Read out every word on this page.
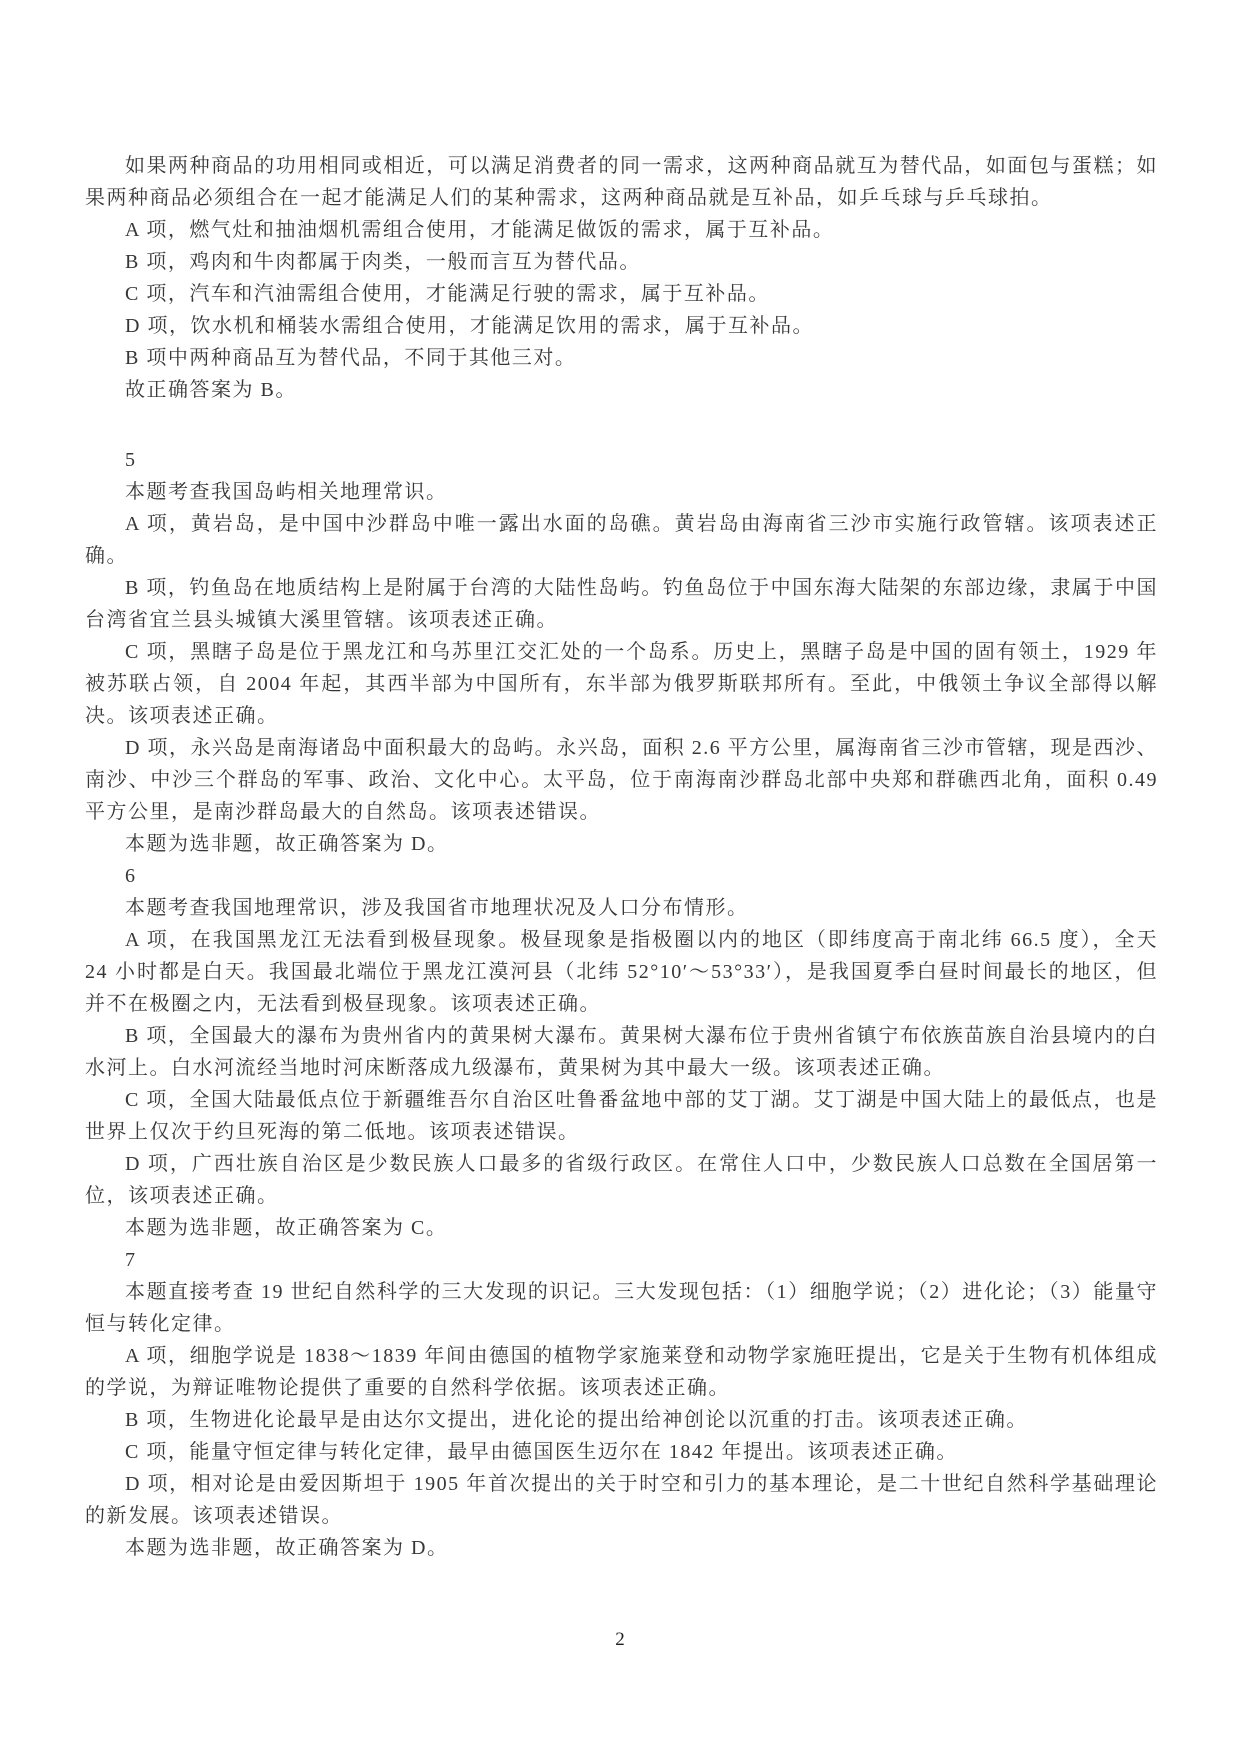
如果两种商品的功用相同或相近，可以满足消费者的同一需求，这两种商品就互为替代品，如面包与蛋糕；如果两种商品必须组合在一起才能满足人们的某种需求，这两种商品就是互补品，如乒乓球与乒乓球拍。

A 项，燃气灶和抽油烟机需组合使用，才能满足做饭的需求，属于互补品。

B 项，鸡肉和牛肉都属于肉类，一般而言互为替代品。

C 项，汽车和汽油需组合使用，才能满足行驶的需求，属于互补品。

D 项，饮水机和桶装水需组合使用，才能满足饮用的需求，属于互补品。

B 项中两种商品互为替代品，不同于其他三对。

故正确答案为 B。

5

本题考查我国岛屿相关地理常识。

A 项，黄岩岛，是中国中沙群岛中唯一露出水面的岛礁。黄岩岛由海南省三沙市实施行政管辖。该项表述正确。

B 项，钓鱼岛在地质结构上是附属于台湾的大陆性岛屿。钓鱼岛位于中国东海大陆架的东部边缘，隶属于中国台湾省宜兰县头城镇大溪里管辖。该项表述正确。

C 项，黑瞎子岛是位于黑龙江和乌苏里江交汇处的一个岛系。历史上，黑瞎子岛是中国的固有领土，1929 年被苏联占领，自 2004 年起，其西半部为中国所有，东半部为俄罗斯联邦所有。至此，中俄领土争议全部得以解决。该项表述正确。

D 项，永兴岛是南海诸岛中面积最大的岛屿。永兴岛，面积 2.6 平方公里，属海南省三沙市管辖，现是西沙、南沙、中沙三个群岛的军事、政治、文化中心。太平岛，位于南海南沙群岛北部中央郑和群礁西北角，面积 0.49 平方公里，是南沙群岛最大的自然岛。该项表述错误。

本题为选非题，故正确答案为 D。

6

本题考查我国地理常识，涉及我国省市地理状况及人口分布情形。

A 项，在我国黑龙江无法看到极昼现象。极昼现象是指极圈以内的地区（即纬度高于南北纬 66.5 度），全天 24 小时都是白天。我国最北端位于黑龙江漠河县（北纬 52°10′～53°33′），是我国夏季白昼时间最长的地区，但并不在极圈之内，无法看到极昼现象。该项表述正确。

B 项，全国最大的瀑布为贵州省内的黄果树大瀑布。黄果树大瀑布位于贵州省镇宁布依族苗族自治县境内的白水河上。白水河流经当地时河床断落成九级瀑布，黄果树为其中最大一级。该项表述正确。

C 项，全国大陆最低点位于新疆维吾尔自治区吐鲁番盆地中部的艾丁湖。艾丁湖是中国大陆上的最低点，也是世界上仅次于约旦死海的第二低地。该项表述错误。

D 项，广西壮族自治区是少数民族人口最多的省级行政区。在常住人口中，少数民族人口总数在全国居第一位，该项表述正确。

本题为选非题，故正确答案为 C。

7

本题直接考查 19 世纪自然科学的三大发现的识记。三大发现包括：（1）细胞学说；（2）进化论；（3）能量守恒与转化定律。

A 项，细胞学说是 1838～1839 年间由德国的植物学家施莱登和动物学家施旺提出，它是关于生物有机体组成的学说，为辩证唯物论提供了重要的自然科学依据。该项表述正确。

B 项，生物进化论最早是由达尔文提出，进化论的提出给神创论以沉重的打击。该项表述正确。

C 项，能量守恒定律与转化定律，最早由德国医生迈尔在 1842 年提出。该项表述正确。

D 项，相对论是由爱因斯坦于 1905 年首次提出的关于时空和引力的基本理论，是二十世纪自然科学基础理论的新发展。该项表述错误。

本题为选非题，故正确答案为 D。

2
